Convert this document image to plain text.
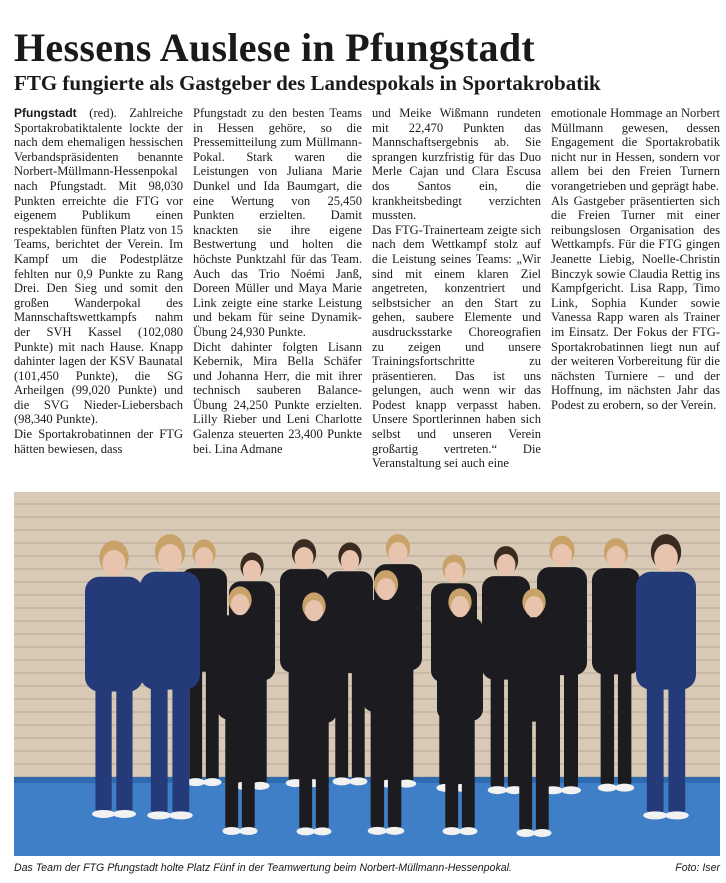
Hessens Auslese in Pfungstadt
FTG fungierte als Gastgeber des Landespokals in Sportakrobatik

Pfungstadt (red). Zahlreiche Sportakrobatiktalente lockte der nach dem ehemaligen hessischen Verbandspräsidenten benannte Norbert-Müllmann-Hessenpokal nach Pfungstadt. Mit 98,030 Punkten erreichte die FTG vor eigenem Publikum einen respektablen fünften Platz von 15 Teams, berichtet der Verein. Im Kampf um die Podestplätze fehlten nur 0,9 Punkte zu Rang Drei. Den Sieg und somit den großen Wanderpokal des Mannschaftswettkampfs nahm der SVH Kassel (102,080 Punkte) mit nach Hause. Knapp dahinter lagen der KSV Baunatal (101,450 Punkte), die SG Arheilgen (99,020 Punkte) und die SVG Nieder-Liebersbach (98,340 Punkte).

Die Sportakrobatinnen der FTG hätten bewiesen, dass

Pfungstadt zu den besten Teams in Hessen gehöre, so die Pressemitteilung zum Müllmann-Pokal. Stark waren die Leistungen von Juliana Marie Dunkel und Ida Baumgart, die eine Wertung von 25,450 Punkten erzielten. Damit knackten sie ihre eigene Bestwertung und holten die höchste Punktzahl für das Team. Auch das Trio Noémi Janß, Doreen Müller und Maya Marie Link zeigte eine starke Leistung und bekam für seine Dynamik-Übung 24,930 Punkte.

Dicht dahinter folgten Lisann Kebernik, Mira Bella Schäfer und Johanna Herr, die mit ihrer technisch sauberen Balance-Übung 24,250 Punkte erzielten. Lilly Rieber und Leni Charlotte Galenza steuerten 23,400 Punkte bei. Lina Admane

und Meike Wißmann rundeten mit 22,470 Punkten das Mannschaftsergebnis ab. Sie sprangen kurzfristig für das Duo Merle Cajan und Clara Escusa dos Santos ein, die krankheitsbedingt verzichten mussten.

Das FTG-Trainerteam zeigte sich nach dem Wettkampf stolz auf die Leistung seines Teams: „Wir sind mit einem klaren Ziel angetreten, konzentriert und selbstsicher an den Start zu gehen, saubere Elemente und ausdrucksstarke Choreografien zu zeigen und unsere Trainingsfortschritte zu präsentieren. Das ist uns gelungen, auch wenn wir das Podest knapp verpasst haben. Unsere Sportlerinnen haben sich selbst und unseren Verein großartig vertreten.“ Die Veranstaltung sei auch eine

emotionale Hommage an Norbert Müllmann gewesen, dessen Engagement die Sportakrobatik nicht nur in Hessen, sondern vor allem bei den Freien Turnern vorangetrieben und geprägt habe.

Als Gastgeber präsentierten sich die Freien Turner mit einer reibungslosen Organisation des Wettkampfs. Für die FTG gingen Jeanette Liebig, Noelle-Christin Binczyk sowie Claudia Rettig ins Kampfgericht. Lisa Rapp, Timo Link, Sophia Kunder sowie Vanessa Rapp waren als Trainer im Einsatz. Der Fokus der FTG-Sportakrobatinnen liegt nun auf der weiteren Vorbereitung für die nächsten Turniere – und der Hoffnung, im nächsten Jahr das Podest zu erobern, so der Verein.

Das Team der FTG Pfungstadt holte Platz Fünf in der Teamwertung beim Norbert-Müllmann-Hessenpokal.	Foto: Iser
